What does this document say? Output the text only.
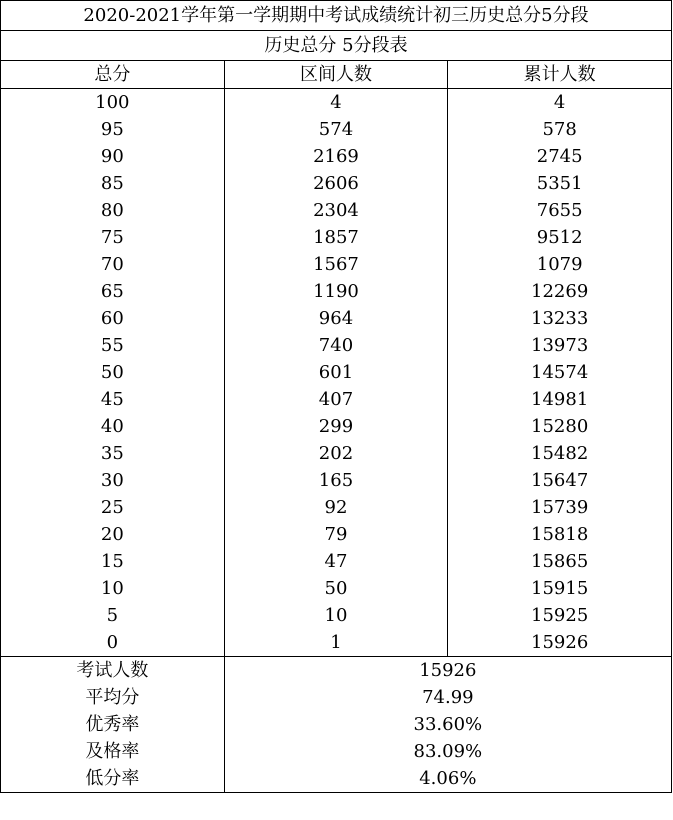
2020-2021学年第一学期期中考试成绩统计初三历史总分5分段		
历史总分 5分段表		
总分	区间人数	累计人数
100	4	4
95	574	578
90	2169	2745
85	2606	5351
80	2304	7655
75	1857	9512
70	1567	1079
65	1190	12269
60	964	13233
55	740	13973
50	601	14574
45	407	14981
40	299	15280
35	202	15482
30	165	15647
25	92	15739
20	79	15818
15	47	15865
10	50	15915
5	10	15925
0	1	15926
考试人数	15926	
平均分	74.99	
优秀率	33.60%	
及格率	83.09%	
低分率	4.06%	
